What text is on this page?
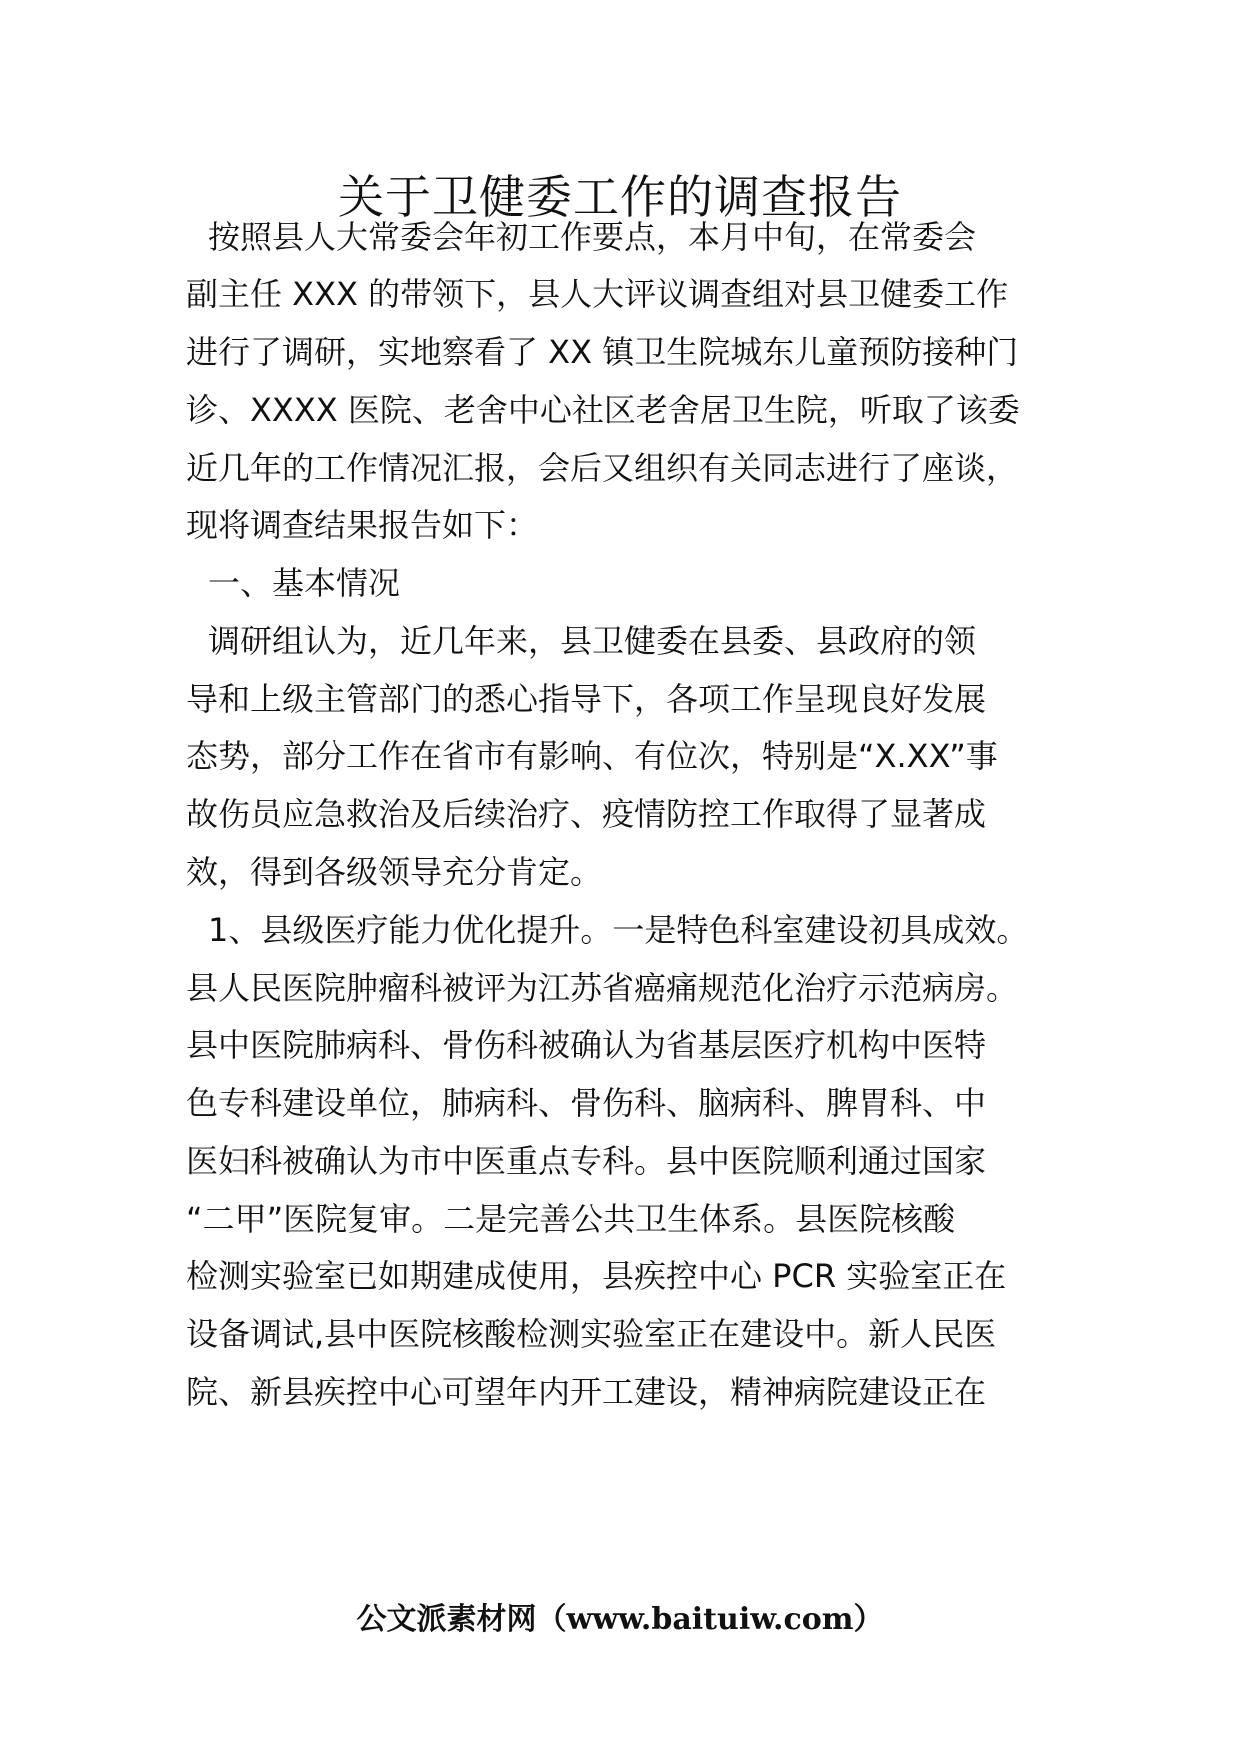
关于卫健委工作的调查报告

按照县人大常委会年初工作要点，本月中旬，在常委会

副主任 XXX 的带领下，县人大评议调查组对县卫健委工作

进行了调研，实地察看了 XX 镇卫生院城东儿童预防接种门

诊、XXXX 医院、老舍中心社区老舍居卫生院，听取了该委

近几年的工作情况汇报，会后又组织有关同志进行了座谈，

现将调查结果报告如下：

一、基本情况

调研组认为，近几年来，县卫健委在县委、县政府的领

导和上级主管部门的悉心指导下，各项工作呈现良好发展

态势，部分工作在省市有影响、有位次，特别是“X.XX”事

故伤员应急救治及后续治疗、疫情防控工作取得了显著成

效，得到各级领导充分肯定。

1、县级医疗能力优化提升。一是特色科室建设初具成效。

县人民医院肿瘤科被评为江苏省癌痛规范化治疗示范病房。

县中医院肺病科、骨伤科被确认为省基层医疗机构中医特

色专科建设单位，肺病科、骨伤科、脑病科、脾胃科、中

医妇科被确认为市中医重点专科。县中医院顺利通过国家

“二甲”医院复审。二是完善公共卫生体系。县医院核酸

检测实验室已如期建成使用，县疾控中心 PCR 实验室正在

设备调试,县中医院核酸检测实验室正在建设中。新人民医

院、新县疾控中心可望年内开工建设，精神病院建设正在

公文派素材网（www.baituiw.com）
